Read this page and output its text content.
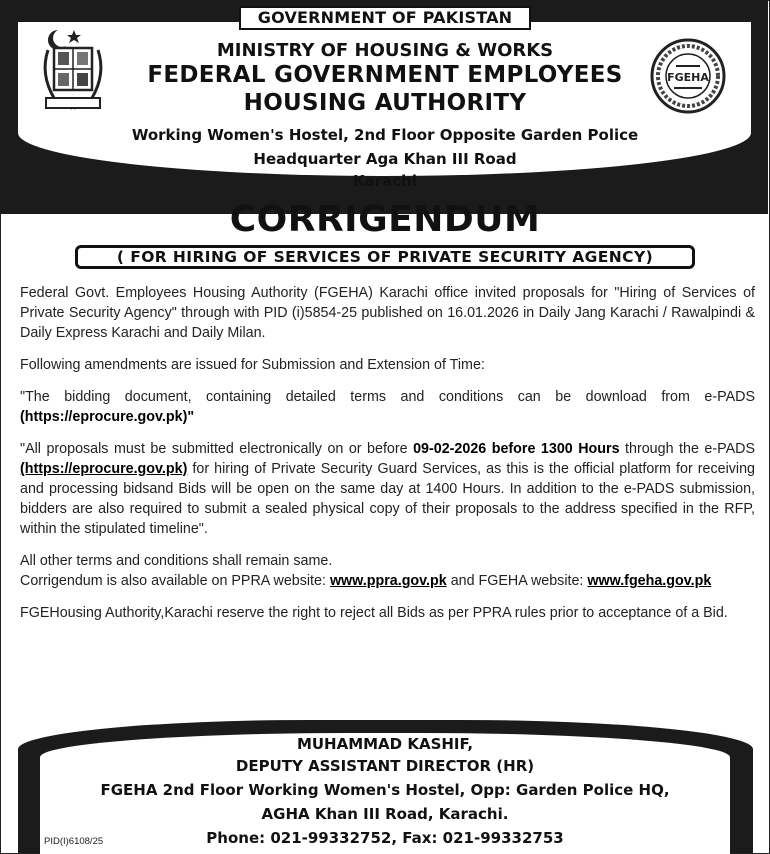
GOVERNMENT OF PAKISTAN
FGEHA
MINISTRY OF HOUSING & WORKS
FEDERAL GOVERNMENT EMPLOYEES
HOUSING AUTHORITY
Working Women's Hostel, 2nd Floor Opposite Garden Police
Headquarter Aga Khan III Road
Karachi
CORRIGENDUM
( FOR HIRING OF SERVICES OF PRIVATE SECURITY AGENCY)

Federal Govt. Employees Housing Authority (FGEHA) Karachi office invited proposals for "Hiring of Services of Private Security Agency" through with PID (i)5854-25 published on 16.01.2026 in Daily Jang Karachi / Rawalpindi & Daily Express Karachi and Daily Milan.

Following amendments are issued for Submission and Extension of Time:

"The bidding document, containing detailed terms and conditions can be download from e-PADS (https://eprocure.gov.pk)"

"All proposals must be submitted electronically on or before 09-02-2026 before 1300 Hours through the e-PADS (https://eprocure.gov.pk) for hiring of Private Security Guard Services, as this is the official platform for receiving and processing bidsand Bids will be open on the same day at 1400 Hours. In addition to the e-PADS submission, bidders are also required to submit a sealed physical copy of their proposals to the address specified in the RFP, within the stipulated timeline".

All other terms and conditions shall remain same.

Corrigendum is also available on PPRA website: www.ppra.gov.pk and FGEHA website: www.fgeha.gov.pk

FGEHousing Authority,Karachi reserve the right to reject all Bids as per PPRA rules prior to acceptance of a Bid.

MUHAMMAD KASHIF,
DEPUTY ASSISTANT DIRECTOR (HR)
FGEHA 2nd Floor Working Women's Hostel, Opp: Garden Police HQ,
AGHA Khan III Road, Karachi.
Phone: 021-99332752, Fax: 021-99332753
PID(I)6108/25
